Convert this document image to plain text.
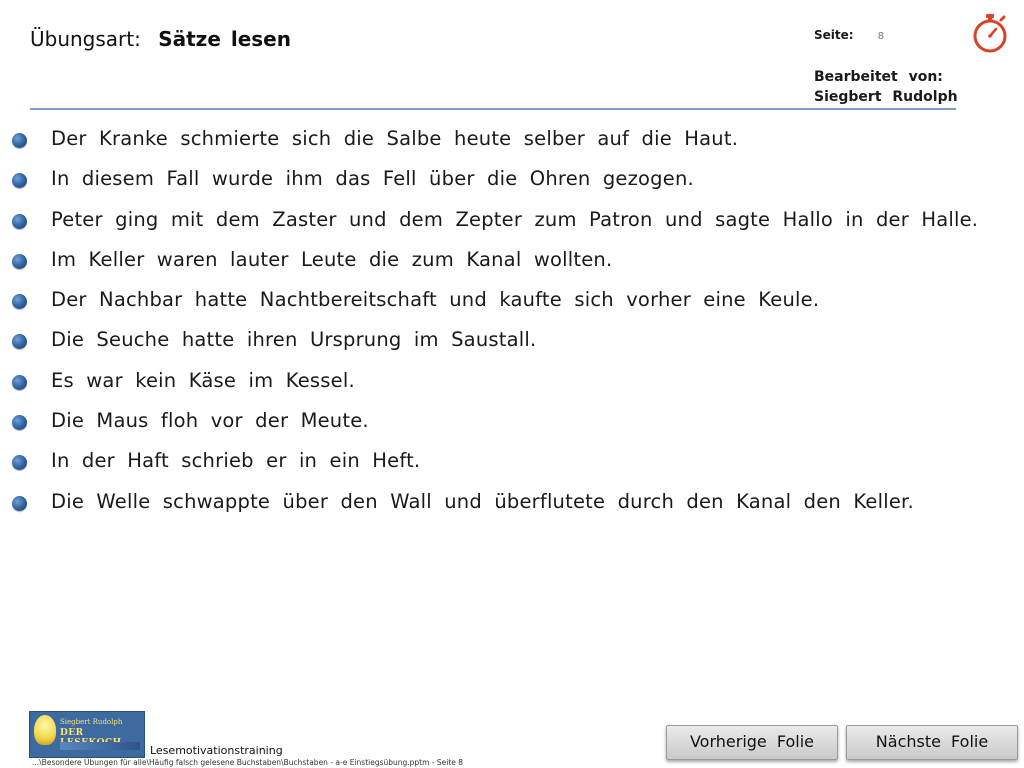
Übungsart: Sätze lesen	Seite: 8
Bearbeitet von:
Siegbert Rudolph
Der Kranke schmierte sich die Salbe heute selber auf die Haut.
In diesem Fall wurde ihm das Fell über die Ohren gezogen.
Peter ging mit dem Zaster und dem Zepter zum Patron und sagte Hallo in der Halle.
Im Keller waren lauter Leute die zum Kanal wollten.
Der Nachbar hatte Nachtbereitschaft und kaufte sich vorher eine Keule.
Die Seuche hatte ihren Ursprung im Saustall.
Es war kein Käse im Kessel.
Die Maus floh vor der Meute.
In der Haft schrieb er in ein Heft.
Die Welle schwappte über den Wall und überflutete durch den Kanal den Keller.
Siegbert Rudolph
DER
Lesemotivationstraining
...\Besondere Übungen für alle\Häufig falsch gelesene Buchstaben\Buchstaben - a-e Einstiegsübung.pptm - Seite 8
Vorherige Folie	Nächste Folie
